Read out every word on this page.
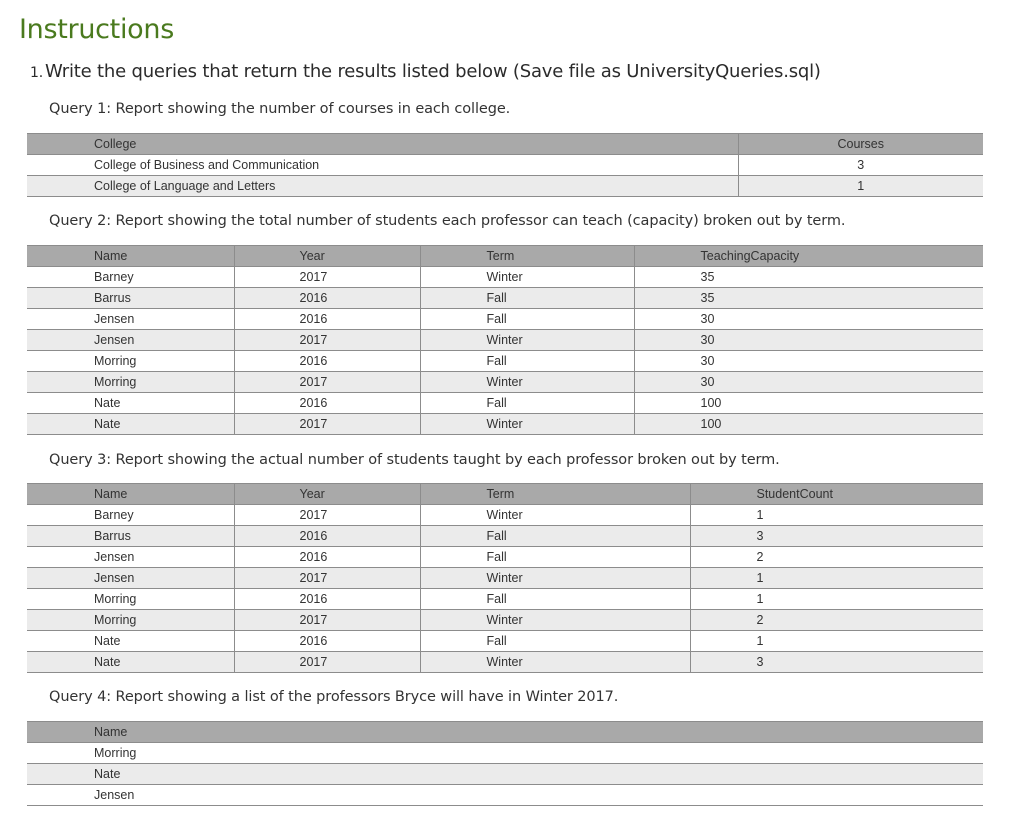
Instructions

1. Write the queries that return the results listed below (Save file as UniversityQueries.sql)

Query 1: Report showing the number of courses in each college.

College	Courses
College of Business and Communication	3
College of Language and Letters	1

Query 2: Report showing the total number of students each professor can teach (capacity) broken out by term.

Name	Year	Term	TeachingCapacity
Barney	2017	Winter	35
Barrus	2016	Fall	35
Jensen	2016	Fall	30
Jensen	2017	Winter	30
Morring	2016	Fall	30
Morring	2017	Winter	30
Nate	2016	Fall	100
Nate	2017	Winter	100

Query 3: Report showing the actual number of students taught by each professor broken out by term.

Name	Year	Term	StudentCount
Barney	2017	Winter	1
Barrus	2016	Fall	3
Jensen	2016	Fall	2
Jensen	2017	Winter	1
Morring	2016	Fall	1
Morring	2017	Winter	2
Nate	2016	Fall	1
Nate	2017	Winter	3

Query 4: Report showing a list of the professors Bryce will have in Winter 2017.

Name
Morring
Nate
Jensen
